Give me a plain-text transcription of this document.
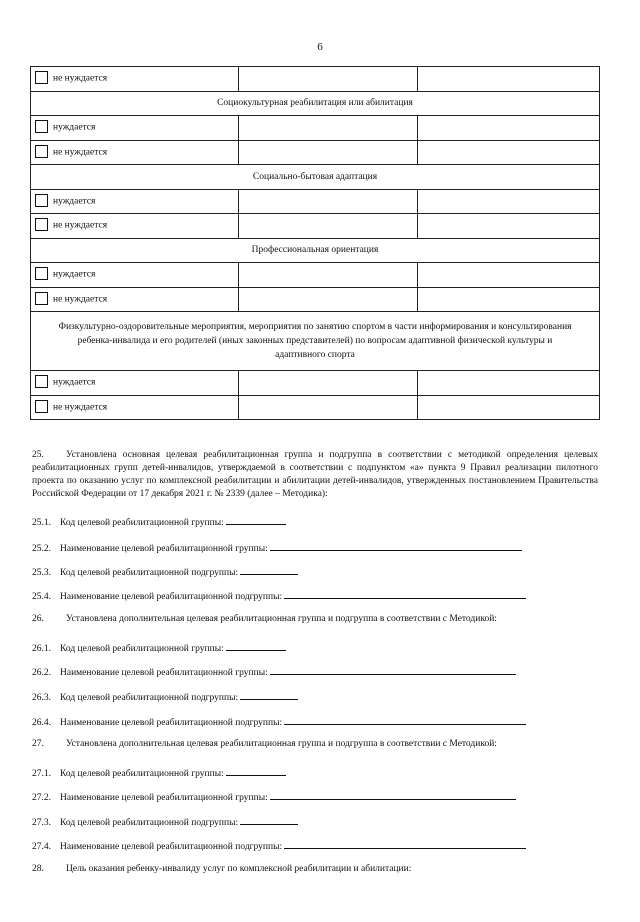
6
не нуждается		
Социокультурная реабилитация или абилитация		
нуждается		
не нуждается		
Социально-бытовая адаптация		
нуждается		
не нуждается		
Профессиональная ориентация		
нуждается		
не нуждается		
Физкультурно-оздоровительные мероприятия, мероприятия по занятию спортом в части информирования и консультирования ребенка-инвалида и его родителей (иных законных представителей) по вопросам адаптивной физической культуры и адаптивного спорта		
нуждается		
не нуждается		
25. Установлена основная целевая реабилитационная группа и подгруппа в соответствии с методикой определения целевых реабилитационных групп детей-инвалидов, утверждаемой в соответствии с подпунктом «а» пункта 9 Правил реализации пилотного проекта по оказанию услуг по комплексной реабилитации и абилитации детей-инвалидов, утвержденных постановлением Правительства Российской Федерации от 17 декабря 2021 г. № 2339 (далее – Методика):
25.1. Код целевой реабилитационной группы:
25.2. Наименование целевой реабилитационной группы:
25.3. Код целевой реабилитационной подгруппы:
25.4. Наименование целевой реабилитационной подгруппы:
26. Установлена дополнительная целевая реабилитационная группа и подгруппа в соответствии с Методикой:
26.1. Код целевой реабилитационной группы:
26.2. Наименование целевой реабилитационной группы:
26.3. Код целевой реабилитационной подгруппы:
26.4. Наименование целевой реабилитационной подгруппы:
27. Установлена дополнительная целевая реабилитационная группа и подгруппа в соответствии с Методикой:
27.1. Код целевой реабилитационной группы:
27.2. Наименование целевой реабилитационной группы:
27.3. Код целевой реабилитационной подгруппы:
27.4. Наименование целевой реабилитационной подгруппы:
28. Цель оказания ребенку-инвалиду услуг по комплексной реабилитации и абилитации:
